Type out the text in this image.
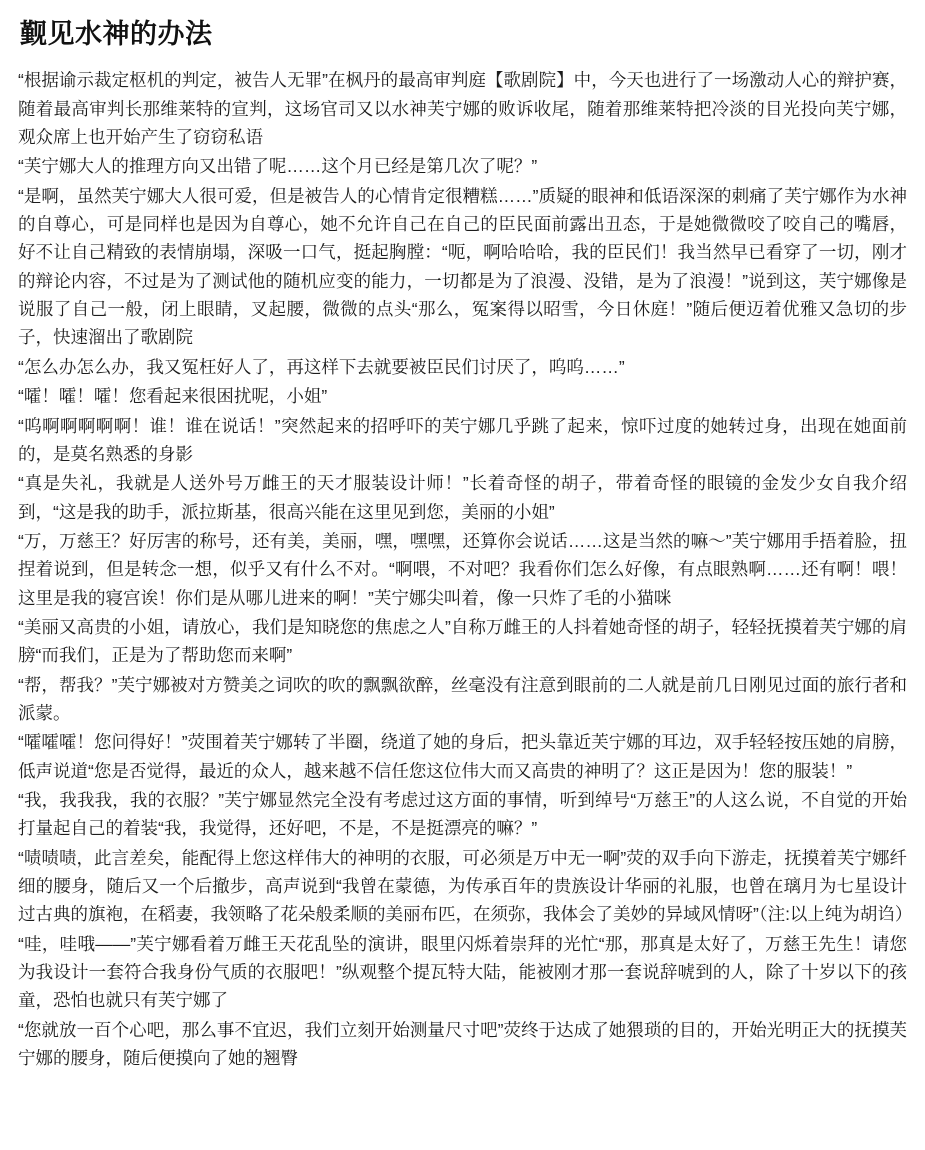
觐见水神的办法

“根据谕示裁定枢机的判定，被告人无罪”在枫丹的最高审判庭【歌剧院】中，今天也进行了一场激动人心的辩护赛，随着最高审判长那维莱特的宣判，这场官司又以水神芙宁娜的败诉收尾，随着那维莱特把冷淡的目光投向芙宁娜，观众席上也开始产生了窃窃私语

“芙宁娜大人的推理方向又出错了呢……这个月已经是第几次了呢？”

“是啊，虽然芙宁娜大人很可爱，但是被告人的心情肯定很糟糕……”质疑的眼神和低语深深的刺痛了芙宁娜作为水神的自尊心，可是同样也是因为自尊心，她不允许自己在自己的臣民面前露出丑态，于是她微微咬了咬自己的嘴唇，好不让自己精致的表情崩塌，深吸一口气，挺起胸膛：“呃，啊哈哈哈，我的臣民们！我当然早已看穿了一切，刚才的辩论内容，不过是为了测试他的随机应变的能力，一切都是为了浪漫、没错，是为了浪漫！”说到这，芙宁娜像是说服了自己一般，闭上眼睛，叉起腰，微微的点头“那么，冤案得以昭雪，今日休庭！”随后便迈着优雅又急切的步子，快速溜出了歌剧院

“怎么办怎么办，我又冤枉好人了，再这样下去就要被臣民们讨厌了，呜呜……”

“嚯！嚯！嚯！您看起来很困扰呢，小姐”

“呜啊啊啊啊啊！谁！谁在说话！”突然起来的招呼吓的芙宁娜几乎跳了起来，惊吓过度的她转过身，出现在她面前的，是莫名熟悉的身影

“真是失礼，我就是人送外号万雌王的天才服装设计师！”长着奇怪的胡子，带着奇怪的眼镜的金发少女自我介绍到，“这是我的助手，派拉斯基，很高兴能在这里见到您，美丽的小姐”

“万，万慈王？好厉害的称号，还有美，美丽，嘿，嘿嘿，还算你会说话……这是当然的嘛～”芙宁娜用手捂着脸，扭捏着说到，但是转念一想，似乎又有什么不对。“啊喂，不对吧？我看你们怎么好像，有点眼熟啊……还有啊！喂！这里是我的寝宫诶！你们是从哪儿进来的啊！”芙宁娜尖叫着，像一只炸了毛的小猫咪

“美丽又高贵的小姐，请放心，我们是知晓您的焦虑之人”自称万雌王的人抖着她奇怪的胡子，轻轻抚摸着芙宁娜的肩膀“而我们，正是为了帮助您而来啊”

“帮，帮我？”芙宁娜被对方赞美之词吹的吹的飘飘欲醉，丝毫没有注意到眼前的二人就是前几日刚见过面的旅行者和派蒙。

“嚯嚯嚯！您问得好！”荧围着芙宁娜转了半圈，绕道了她的身后，把头靠近芙宁娜的耳边，双手轻轻按压她的肩膀，低声说道“您是否觉得，最近的众人，越来越不信任您这位伟大而又高贵的神明了？这正是因为！您的服装！”

“我，我我我，我的衣服？”芙宁娜显然完全没有考虑过这方面的事情，听到绰号“万慈王”的人这么说，不自觉的开始打量起自己的着装“我，我觉得，还好吧，不是，不是挺漂亮的嘛？”

“啧啧啧，此言差矣，能配得上您这样伟大的神明的衣服，可必须是万中无一啊”荧的双手向下游走，抚摸着芙宁娜纤细的腰身，随后又一个后撤步，高声说到“我曾在蒙德，为传承百年的贵族设计华丽的礼服，也曾在璃月为七星设计过古典的旗袍，在稻妻，我领略了花朵般柔顺的美丽布匹，在须弥，我体会了美妙的异域风情呀”（注:以上纯为胡诌）

“哇，哇哦——”芙宁娜看着万雌王天花乱坠的演讲，眼里闪烁着崇拜的光忙“那，那真是太好了，万慈王先生！请您为我设计一套符合我身份气质的衣服吧！”纵观整个提瓦特大陆，能被刚才那一套说辞唬到的人，除了十岁以下的孩童，恐怕也就只有芙宁娜了

“您就放一百个心吧，那么事不宜迟，我们立刻开始测量尺寸吧”荧终于达成了她猥琐的目的，开始光明正大的抚摸芙宁娜的腰身，随后便摸向了她的翘臀
